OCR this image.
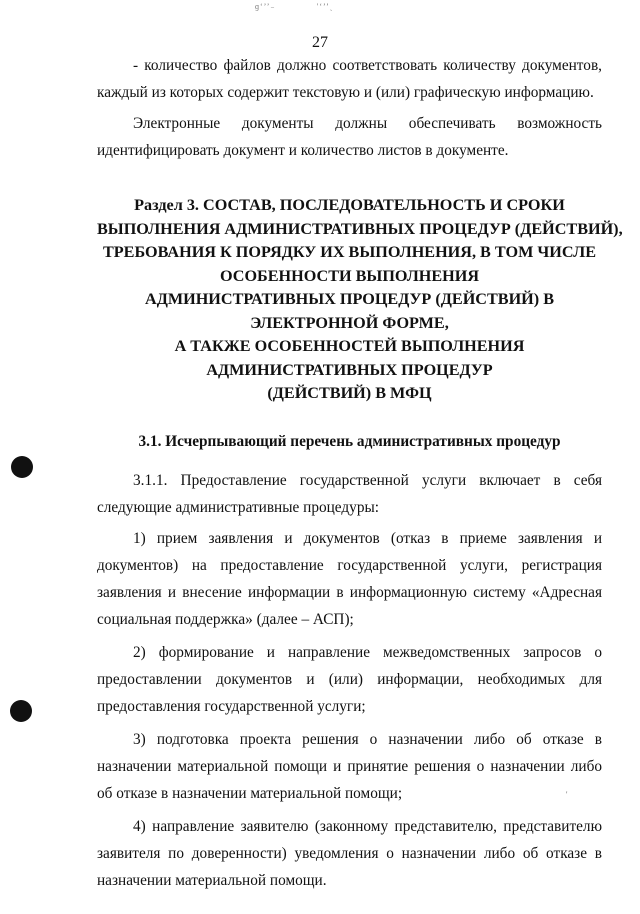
ɡ‘’’₋	′‘’’ˎ
27

- количество файлов должно соответствовать количеству документов, каждый из которых содержит текстовую и (или) графическую информацию.

Электронные документы должны обеспечивать возможность идентифицировать документ и количество листов в документе.

Раздел 3. СОСТАВ, ПОСЛЕДОВАТЕЛЬНОСТЬ И СРОКИ
ВЫПОЛНЕНИЯ АДМИНИСТРАТИВНЫХ ПРОЦЕДУР (ДЕЙСТВИЙ),
ТРЕБОВАНИЯ К ПОРЯДКУ ИХ ВЫПОЛНЕНИЯ, В ТОМ ЧИСЛЕ
ОСОБЕННОСТИ ВЫПОЛНЕНИЯ
АДМИНИСТРАТИВНЫХ ПРОЦЕДУР (ДЕЙСТВИЙ) В
ЭЛЕКТРОННОЙ ФОРМЕ,
А ТАКЖЕ ОСОБЕННОСТЕЙ ВЫПОЛНЕНИЯ
АДМИНИСТРАТИВНЫХ ПРОЦЕДУР
(ДЕЙСТВИЙ) В МФЦ
3.1. Исчерпывающий перечень административных процедур

3.1.1. Предоставление государственной услуги включает в себя следующие административные процедуры:

1) прием заявления и документов (отказ в приеме заявления и документов) на предоставление государственной услуги, регистрация заявления и внесение информации в информационную систему «Адресная социальная поддержка» (далее – АСП);

2) формирование и направление межведомственных запросов о предоставлении документов и (или) информации, необходимых для предоставления государственной услуги;

3) подготовка проекта решения о назначении либо об отказе в назначении материальной помощи и принятие решения о назначении либо об отказе в назначении материальной помощи;

4) направление заявителю (законному представителю, представителю заявителя по доверенности) уведомления о назначении либо об отказе в назначении материальной помощи.

'
